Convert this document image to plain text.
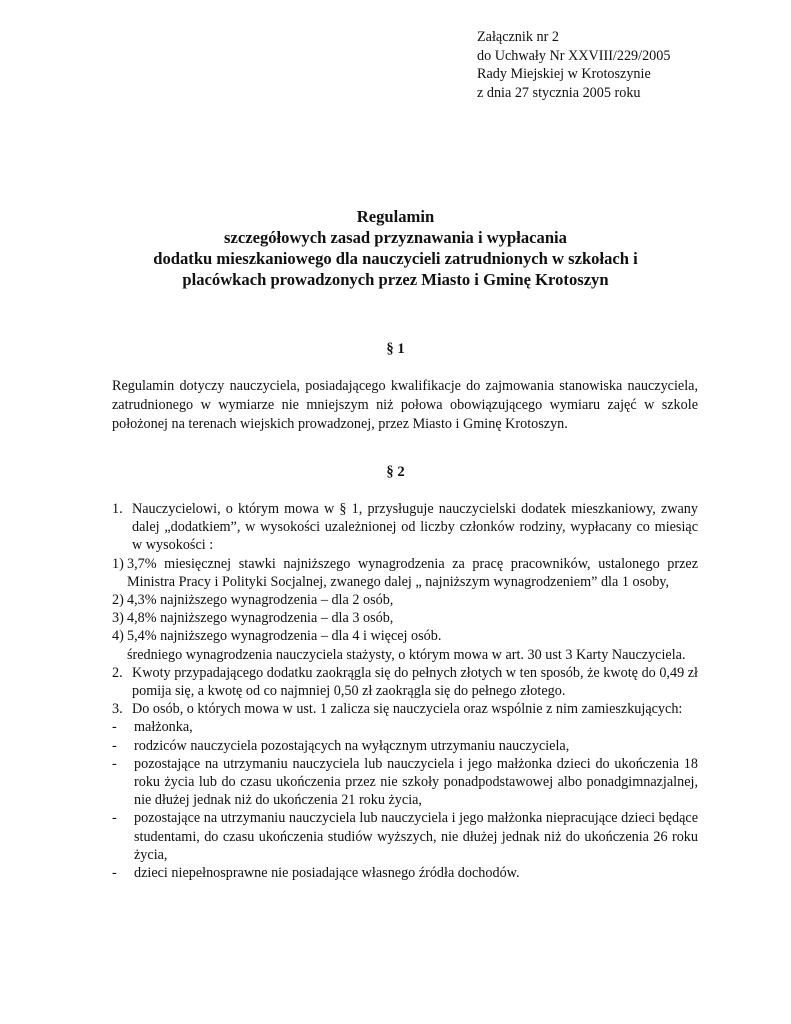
Załącznik nr 2
do Uchwały Nr XXVIII/229/2005
Rady Miejskiej w Krotoszynie
z dnia 27 stycznia 2005 roku
Regulamin
szczegółowych zasad przyznawania i wypłacania
dodatku mieszkaniowego dla nauczycieli zatrudnionych w szkołach i
placówkach prowadzonych przez Miasto i Gminę Krotoszyn
§ 1
Regulamin dotyczy nauczyciela, posiadającego kwalifikacje do zajmowania stanowiska nauczyciela, zatrudnionego w wymiarze nie mniejszym niż połowa obowiązującego wymiaru zajęć w szkole położonej na terenach wiejskich prowadzonej, przez Miasto i Gminę Krotoszyn.
§ 2
1. Nauczycielowi, o którym mowa w § 1, przysługuje nauczycielski dodatek mieszkaniowy, zwany dalej „dodatkiem”, w wysokości uzależnionej od liczby członków rodziny, wypłacany co miesiąc w wysokości :
1) 3,7% miesięcznej stawki najniższego wynagrodzenia za pracę pracowników, ustalonego przez Ministra Pracy i Polityki Socjalnej, zwanego dalej „ najniższym wynagrodzeniem” dla 1 osoby,
2) 4,3% najniższego wynagrodzenia – dla 2 osób,
3) 4,8% najniższego wynagrodzenia – dla 3 osób,
4) 5,4% najniższego wynagrodzenia – dla 4 i więcej osób.
średniego wynagrodzenia nauczyciela stażysty, o którym mowa w art. 30 ust 3 Karty Nauczyciela.
2. Kwoty przypadającego dodatku zaokrągla się do pełnych złotych w ten sposób, że kwotę do 0,49 zł pomija się, a kwotę od co najmniej 0,50 zł zaokrągla się do pełnego złotego.
3. Do osób, o których mowa w ust. 1 zalicza się nauczyciela oraz wspólnie z nim zamieszkujących:
- małżonka,
- rodziców nauczyciela pozostających na wyłącznym utrzymaniu nauczyciela,
- pozostające na utrzymaniu nauczyciela lub nauczyciela i jego małżonka dzieci do ukończenia 18 roku życia lub do czasu ukończenia przez nie szkoły ponadpodstawowej albo ponadgimnazjalnej, nie dłużej jednak niż do ukończenia 21 roku życia,
- pozostające na utrzymaniu nauczyciela lub nauczyciela i jego małżonka niepracujące dzieci będące studentami, do czasu ukończenia studiów wyższych, nie dłużej jednak niż do ukończenia 26 roku życia,
- dzieci niepełnosprawne nie posiadające własnego źródła dochodów.
